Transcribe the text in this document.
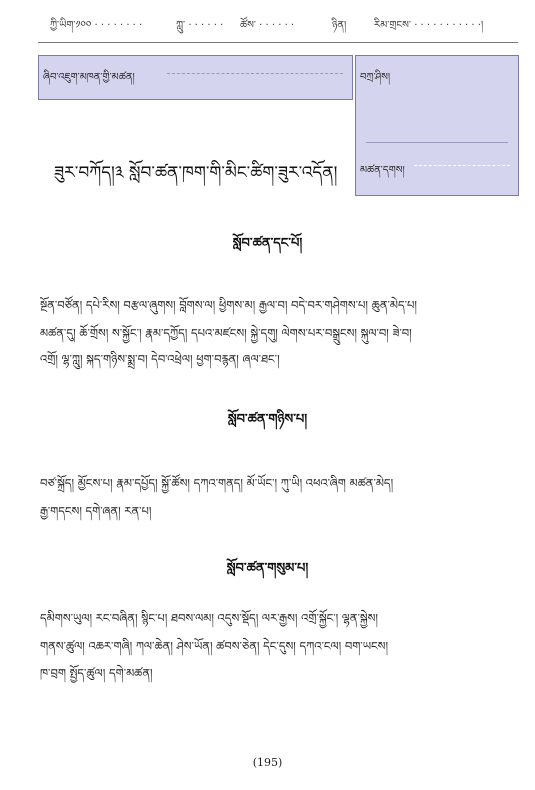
ཀྱི་ཡིག་༡༠༠ · · · · · · · ·	ཀླུ་ · · · · · · ཚོས་ · · · · · ·	ཉིན།	རིམ་གྲངས་ · · · · · · · · · · ·།
ཞིབ་འཇུག་མཁན་གྱི་མཚན།	བཀྲ་ཤིས།
མཚན་དགས།
ཟུར་བཀོད།༣ སློབ་ཚན་ཁག་གི་མིང་ཚིག་ཟུར་འདོན།
སློབ་ཚན་དང་པོ།
སྔོན་བཙོན། དཔེ་རིས། བརྩལ་ཞུགས། བློགས་ལ། ཕྱིགས་མ། རྒྱལ་བ། བདེ་བར་གཤེགས་པ། ཆུན་མེད་པ།
མཚན་དུ། ཆོ་གྲོས། ས་སྐྱོང་། རྣམ་དཀྱོད། དཔའ་མཛངས། སྐྱེ་དགུ། ལེགས་པར་བསྒྲུངས། སྐུལ་བ། ཟེ་བ།
འགྲོ། ལྷ་ཀླུ། སྐད་གཉིས་སྨྲ་བ། དེབ་འཕྲེལ། ཕྱག་བརྙན། ཞལ་ཐང་།
སློབ་ཚན་གཉིས་པ།
བཙ་སྐྲོད། མྱོངས་པ། རྣམ་དཔྱོད། སྐྱོ་ཚོས། དཀའ་གནད། མོ་ཡོང་། ཀུ་ཡི། འཕའ་ཞིག མཚན་མེད།
རྒྱ་གདངས། དགེ་ཞན། རན་པ།
སློབ་ཚན་གསུམ་པ།
དམིགས་ཡུལ། རང་བཞིན། སྙིང་པ། ཐབས་ལམ། འདུས་སྡོད། ལར་རྒྱས། འགྲོ་སྐྱོང་། ལྷན་སྐྱེས།
གནས་ཚུལ། འཆར་གཞི། ཀལ་ཆེན། ཤེས་ཡོན། ཚབས་ཅེན། དེང་དུས། དཀའ་ངལ། བག་ཡངས།
ཁ་བྲག སྤྱོད་ཚུལ། དགེ་མཚན།
(195)
